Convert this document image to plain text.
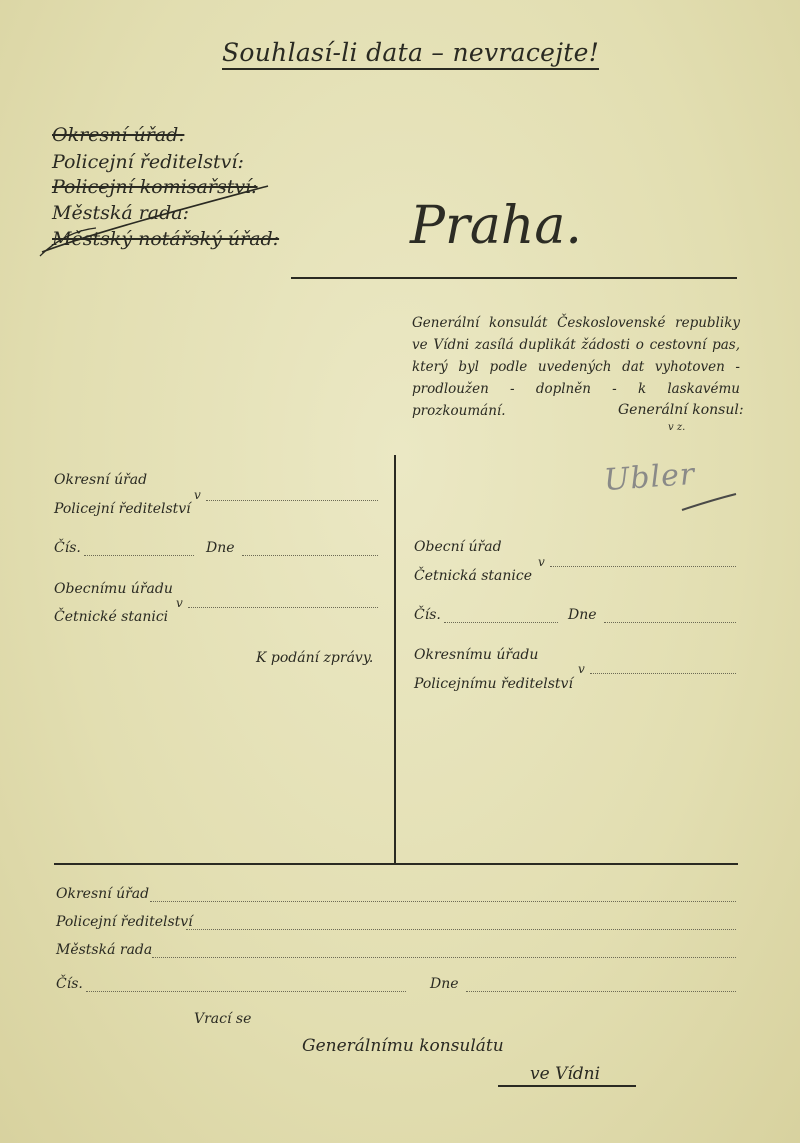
Souhlasí-li data – nevracejte!
Okresní úřad.
Policejní ředitelství:
Policejní komisařství:
Městská rada:
Městský notářský úřad:	Praha.
Generální konsulát Československé republiky ve Vídni zasílá duplikát žádosti o cestovní pas, který byl podle uvedených dat vyhotoven - prodloužen - doplněn - k laskavému prozkoumání.	Generální konsul:
v z.
Ubler
Okresní úřad
v
Policejní ředitelství
Čís.	Dne
Obecnímu úřadu
v
Četnické stanici
K podání zprávy.
Obecní úřad
v
Četnická stanice
Čís.	Dne
Okresnímu úřadu
v
Policejnímu ředitelství
Okresní úřad
Policejní ředitelství
Městská rada
Čís.	Dne
Vrací se
Generálnímu konsulátu
ve Vídni
